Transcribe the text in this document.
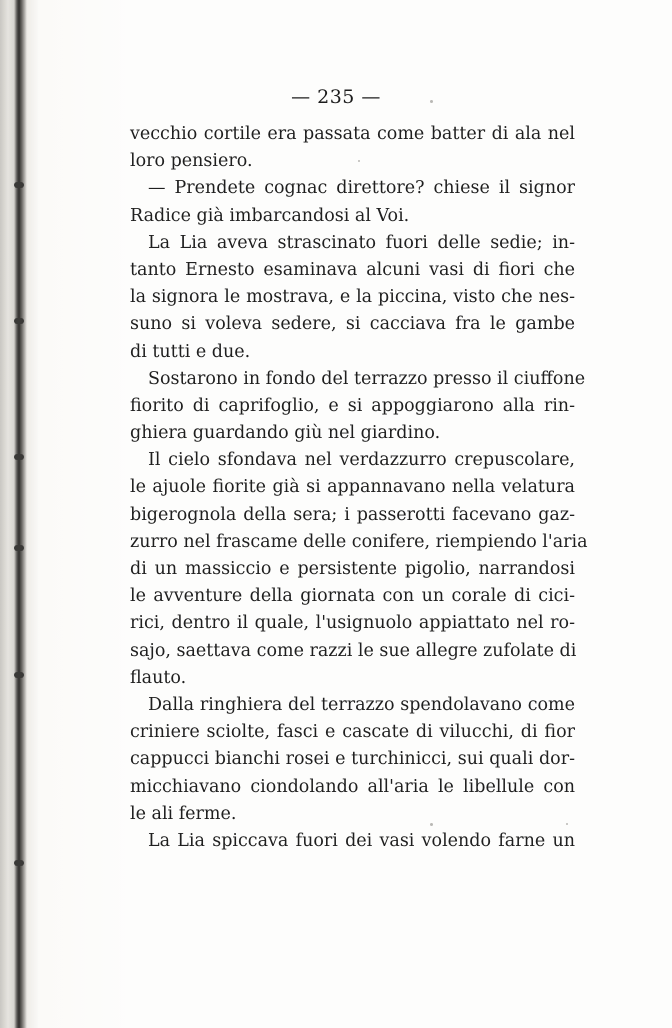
— 235 —
vecchio cortile era passata come batter di ala nel
loro pensiero.
— Prendete cognac direttore? chiese il signor
Radice già imbarcandosi al Voi.
La Lia aveva strascinato fuori delle sedie; in-
tanto Ernesto esaminava alcuni vasi di fiori che
la signora le mostrava, e la piccina, visto che nes-
suno si voleva sedere, si cacciava fra le gambe
di tutti e due.
Sostarono in fondo del terrazzo presso il ciuffone
fiorito di caprifoglio, e si appoggiarono alla rin-
ghiera guardando giù nel giardino.
Il cielo sfondava nel verdazzurro crepuscolare,
le ajuole fiorite già si appannavano nella velatura
bigerognola della sera; i passerotti facevano gaz-
zurro nel frascame delle conifere, riempiendo l'aria
di un massiccio e persistente pigolio, narrandosi
le avventure della giornata con un corale di cici-
rici, dentro il quale, l'usignuolo appiattato nel ro-
sajo, saettava come razzi le sue allegre zufolate di
flauto.
Dalla ringhiera del terrazzo spendolavano come
criniere sciolte, fasci e cascate di vilucchi, di fior
cappucci bianchi rosei e turchinicci, sui quali dor-
micchiavano ciondolando all'aria le libellule con
le ali ferme.
La Lia spiccava fuori dei vasi volendo farne un
